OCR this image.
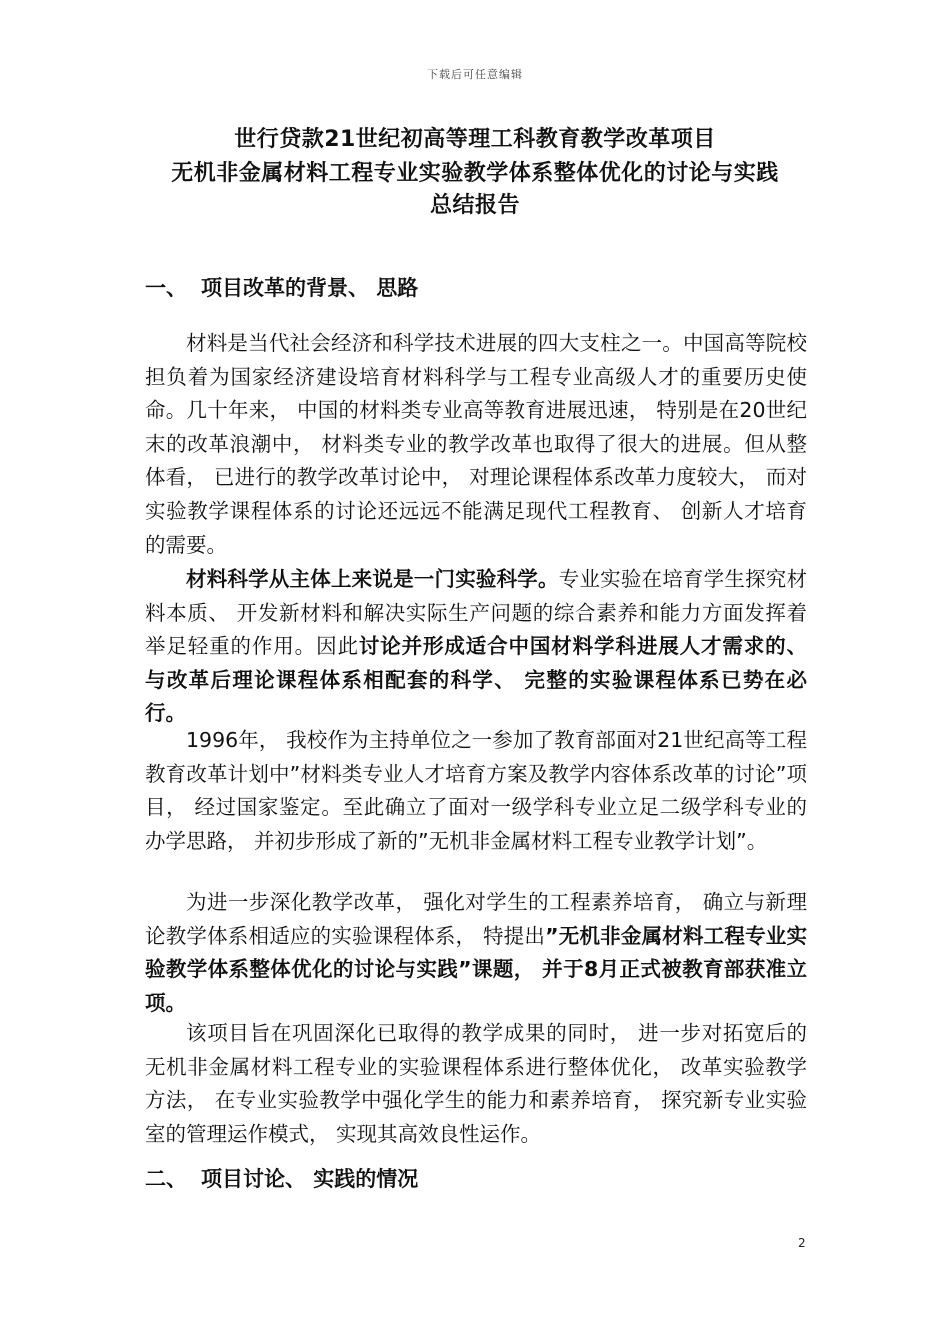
下载后可任意编辑
世行贷款21世纪初高等理工科教育教学改革项目
无机非金属材料工程专业实验教学体系整体优化的讨论与实践
总结报告
一、 项目改革的背景、 思路

材料是当代社会经济和科学技术进展的四大支柱之一。中国高等院校担负着为国家经济建设培育材料科学与工程专业高级人才的重要历史使命。几十年来， 中国的材料类专业高等教育进展迅速， 特别是在20世纪末的改革浪潮中， 材料类专业的教学改革也取得了很大的进展。但从整体看， 已进行的教学改革讨论中， 对理论课程体系改革力度较大， 而对实验教学课程体系的讨论还远远不能满足现代工程教育、 创新人才培育的需要。

材料科学从主体上来说是一门实验科学。专业实验在培育学生探究材料本质、 开发新材料和解决实际生产问题的综合素养和能力方面发挥着举足轻重的作用。因此讨论并形成适合中国材料学科进展人才需求的、 与改革后理论课程体系相配套的科学、 完整的实验课程体系已势在必行。

1996年， 我校作为主持单位之一参加了教育部面对21世纪高等工程教育改革计划中”材料类专业人才培育方案及教学内容体系改革的讨论”项目， 经过国家鉴定。至此确立了面对一级学科专业立足二级学科专业的办学思路， 并初步形成了新的”无机非金属材料工程专业教学计划”。

为进一步深化教学改革， 强化对学生的工程素养培育， 确立与新理论教学体系相适应的实验课程体系， 特提出”无机非金属材料工程专业实验教学体系整体优化的讨论与实践”课题， 并于8月正式被教育部获准立项。

该项目旨在巩固深化已取得的教学成果的同时， 进一步对拓宽后的无机非金属材料工程专业的实验课程体系进行整体优化， 改革实验教学方法， 在专业实验教学中强化学生的能力和素养培育， 探究新专业实验室的管理运作模式， 实现其高效良性运作。

二、 项目讨论、 实践的情况
2
